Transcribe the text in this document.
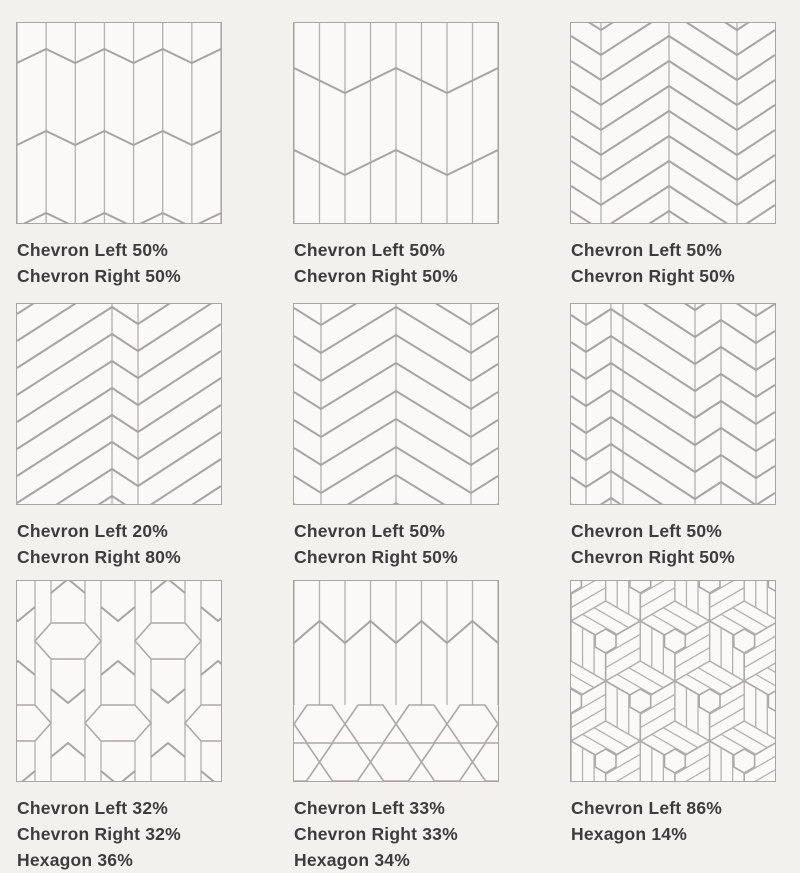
Chevron Left 50%
Chevron Right 50%
Chevron Left 50%
Chevron Right 50%
Chevron Left 50%
Chevron Right 50%
Chevron Left 20%
Chevron Right 80%
Chevron Left 50%
Chevron Right 50%
Chevron Left 50%
Chevron Right 50%
Chevron Left 32%
Chevron Right 32%
Hexagon 36%
Chevron Left 33%
Chevron Right 33%
Hexagon 34%
Chevron Left 86%
Hexagon 14%
